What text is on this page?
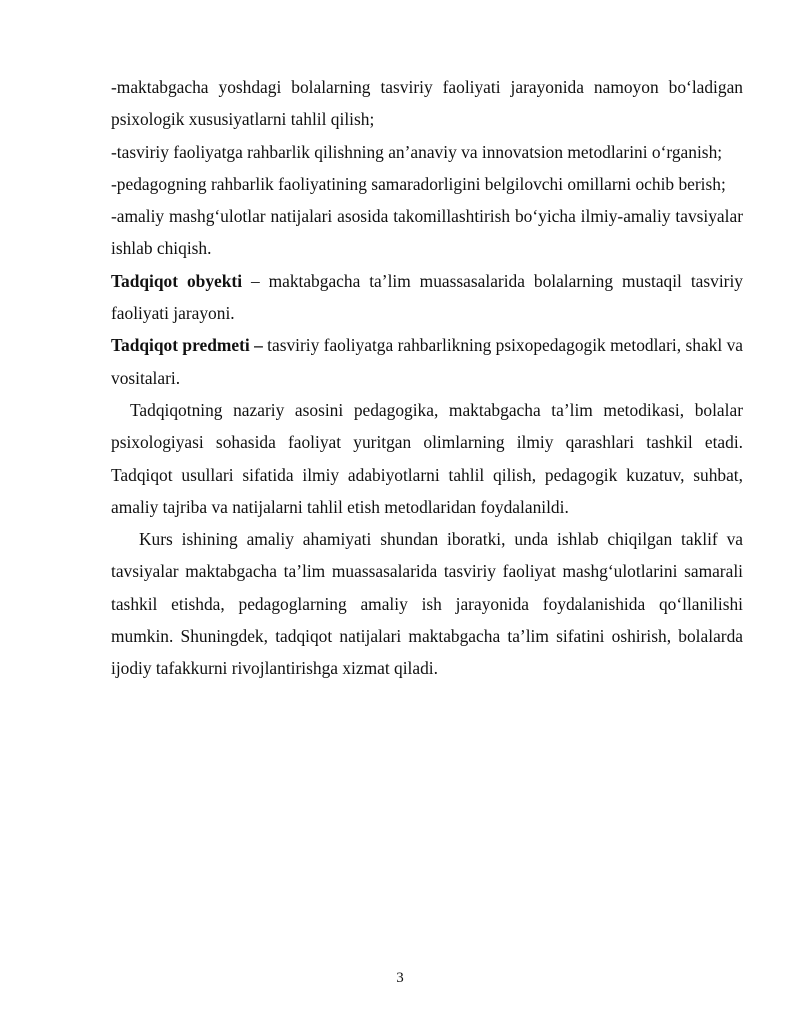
-maktabgacha yoshdagi bolalarning tasviriy faoliyati jarayonida namoyon bo‘ladigan psixologik xususiyatlarni tahlil qilish;

-tasviriy faoliyatga rahbarlik qilishning an’anaviy va innovatsion metodlarini o‘rganish;

-pedagogning rahbarlik faoliyatining samaradorligini belgilovchi omillarni ochib berish;

-amaliy mashg‘ulotlar natijalari asosida takomillashtirish bo‘yicha ilmiy-amaliy tavsiyalar ishlab chiqish.

Tadqiqot obyekti – maktabgacha ta’lim muassasalarida bolalarning mustaqil tasviriy faoliyati jarayoni.

Tadqiqot predmeti – tasviriy faoliyatga rahbarlikning psixopedagogik metodlari, shakl va vositalari.

Tadqiqotning nazariy asosini pedagogika, maktabgacha ta’lim metodikasi, bolalar psixologiyasi sohasida faoliyat yuritgan olimlarning ilmiy qarashlari tashkil etadi. Tadqiqot usullari sifatida ilmiy adabiyotlarni tahlil qilish, pedagogik kuzatuv, suhbat, amaliy tajriba va natijalarni tahlil etish metodlaridan foydalanildi.

Kurs ishining amaliy ahamiyati shundan iboratki, unda ishlab chiqilgan taklif va tavsiyalar maktabgacha ta’lim muassasalarida tasviriy faoliyat mashg‘ulotlarini samarali tashkil etishda, pedagoglarning amaliy ish jarayonida foydalanishida qo‘llanilishi mumkin. Shuningdek, tadqiqot natijalari maktabgacha ta’lim sifatini oshirish, bolalarda ijodiy tafakkurni rivojlantirishga xizmat qiladi.

3
